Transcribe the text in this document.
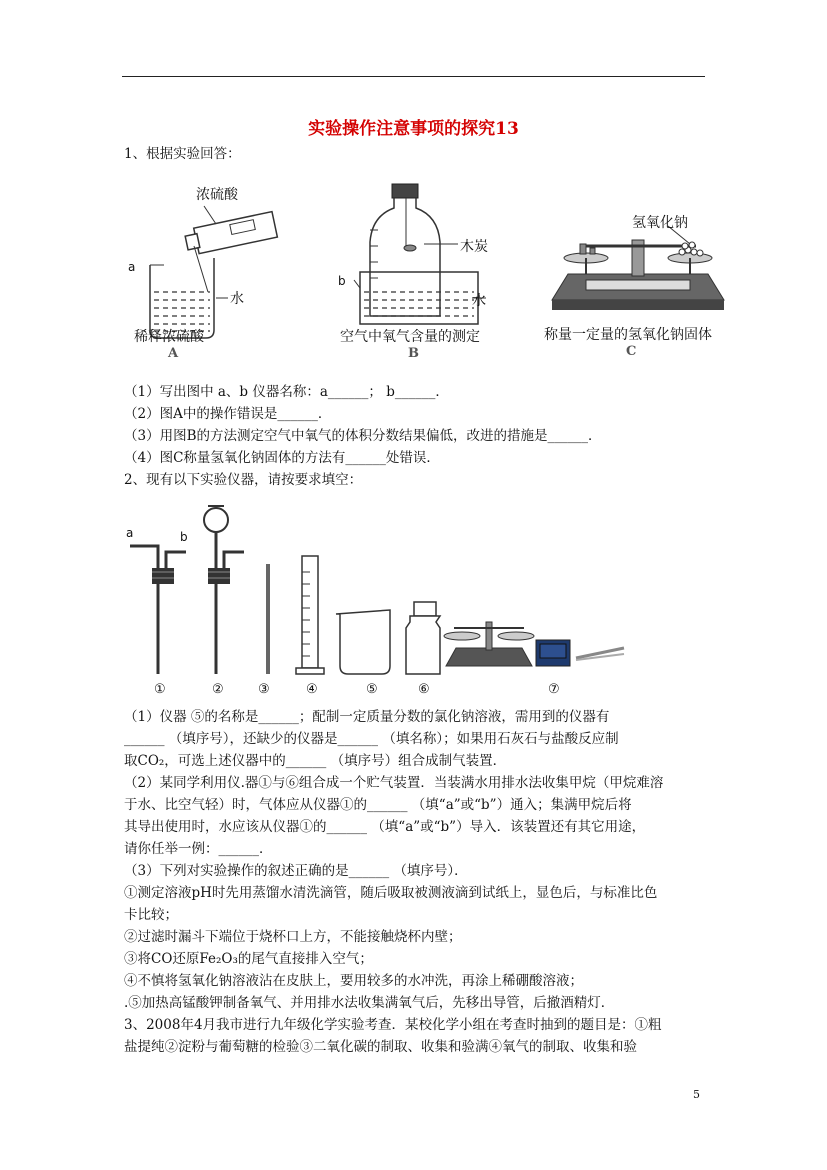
实验操作注意事项的探究13
1、根据实验回答：
浓硫酸
a
水
稀释浓硫酸
A
木炭
b
水
空气中氧气含量的测定
B
氢氧化钠
称量一定量的氢氧化钠固体
C
（1）写出图中 a、b 仪器名称：a______； b______．
（2）图A中的操作错误是______．
（3）用图B的方法测定空气中氧气的体积分数结果偏低，改进的措施是______．
（4）图C称量氢氧化钠固体的方法有______处错误．
2、现有以下实验仪器，请按要求填空：
a	b
①	②	③	④	⑤	⑥	⑦
（1）仪器 ⑤的名称是______；配制一定质量分数的氯化钠溶液，需用到的仪器有
______ （填序号），还缺少的仪器是______ （填名称）；如果用石灰石与盐酸反应制
取CO₂，可选上述仪器中的______ （填序号）组合成制气装置．
（2）某同学利用仪.器①与⑥组合成一个贮气装置．当装满水用排水法收集甲烷（甲烷难溶
于水、比空气轻）时，气体应从仪器①的______ （填“a”或“b”）通入；集满甲烷后将
其导出使用时，水应该从仪器①的______ （填“a”或“b”）导入．该装置还有其它用途，
请你任举一例：______．
（3）下列对实验操作的叙述正确的是______ （填序号）．
①测定溶液pH时先用蒸馏水清洗滴管，随后吸取被测液滴到试纸上，显色后，与标准比色
卡比较；
②过滤时漏斗下端位于烧杯口上方，不能接触烧杯内壁；
③将CO还原Fe₂O₃的尾气直接排入空气；
④不慎将氢氧化钠溶液沾在皮肤上，要用较多的水冲洗，再涂上稀硼酸溶液；
.⑤加热高锰酸钾制备氧气、并用排水法收集满氧气后，先移出导管，后撤酒精灯．
3、2008年4月我市进行九年级化学实验考查．某校化学小组在考查时抽到的题目是：①粗
盐提纯②淀粉与葡萄糖的检验③二氧化碳的制取、收集和验满④氧气的制取、收集和验
5
